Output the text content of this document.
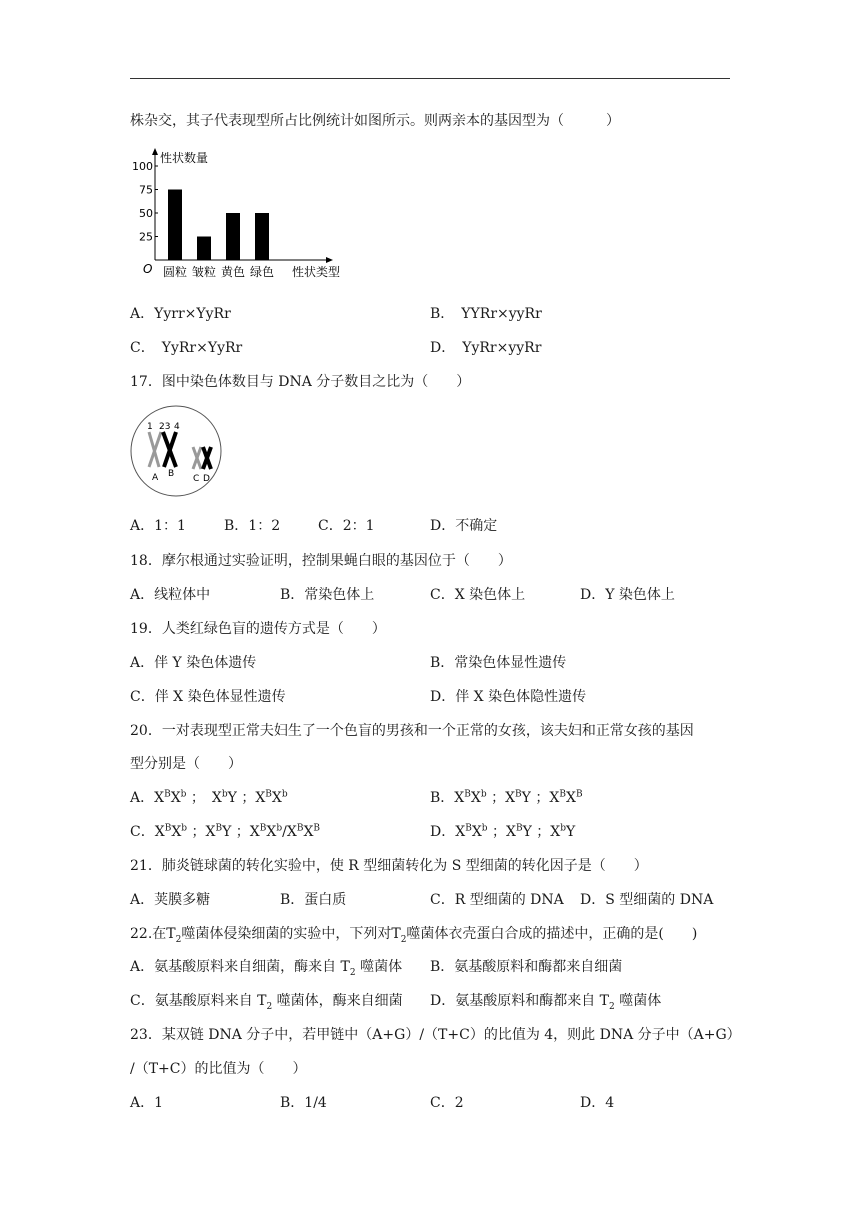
株杂交，其子代表现型所占比例统计如图所示。则两亲本的基因型为（　　　）
性状数量
性状类型
O
100
75
50
25
圆粒 皱粒 黄色 绿色
A．Yyrr×YyRr	B．　YYRr×yyRr
C．　YyRr×YyRr	D．　YyRr×yyRr
17．图中染色体数目与 DNA 分子数目之比为（　　）
1 23 4
A B C D
A．1：1	B．1：2	C．2：1	D．不确定
18．摩尔根通过实验证明，控制果蝇白眼的基因位于（　　）
A．线粒体中	B．常染色体上	C．X 染色体上	D．Y 染色体上
19．人类红绿色盲的遗传方式是（　　）
A．伴 Y 染色体遗传	B．常染色体显性遗传
C．伴 X 染色体显性遗传	D．伴 X 染色体隐性遗传
20．一对表现型正常夫妇生了一个色盲的男孩和一个正常的女孩，该夫妇和正常女孩的基因
型分别是（　　）
A．$X^BX^b$ ；　$X^bY$ ；$X^BX^b$	B．$X^BX^b$ ；$X^BY$ ；$X^BX^B$
C．$X^BX^b$ ；$X^BY$ ；$X^BX^b/X^BX^B$	D．$X^BX^b$ ；$X^BY$ ；$X^bY$
21．肺炎链球菌的转化实验中，使 R 型细菌转化为 S 型细菌的转化因子是（　　）
A．荚膜多糖	B．蛋白质	C．R 型细菌的 DNA D．S 型细菌的 DNA
22.在$T_2$噬菌体侵染细菌的实验中，下列对$T_2$噬菌体衣壳蛋白合成的描述中，正确的是(　　)
A．氨基酸原料来自细菌，酶来自 $T_2$ 噬菌体 B．氨基酸原料和酶都来自细菌
C．氨基酸原料来自 $T_2$ 噬菌体，酶来自细菌 D．氨基酸原料和酶都来自 $T_2$ 噬菌体
23．某双链 DNA 分子中，若甲链中（A+G）/（T+C）的比值为 4，则此 DNA 分子中（A+G）
/（T+C）的比值为（　　）
A．1	B．1/4	C．2	D．4
